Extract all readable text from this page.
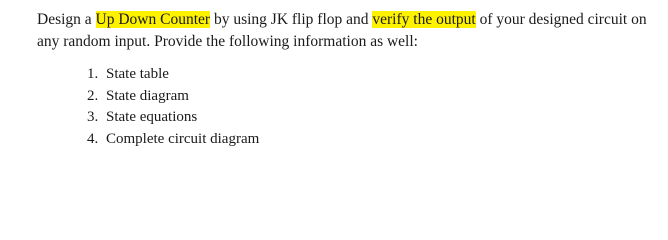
Design a Up Down Counter by using JK flip flop and verify the output of your designed circuit on
any random input. Provide the following information as well:

1. State table
2. State diagram
3. State equations
4. Complete circuit diagram
